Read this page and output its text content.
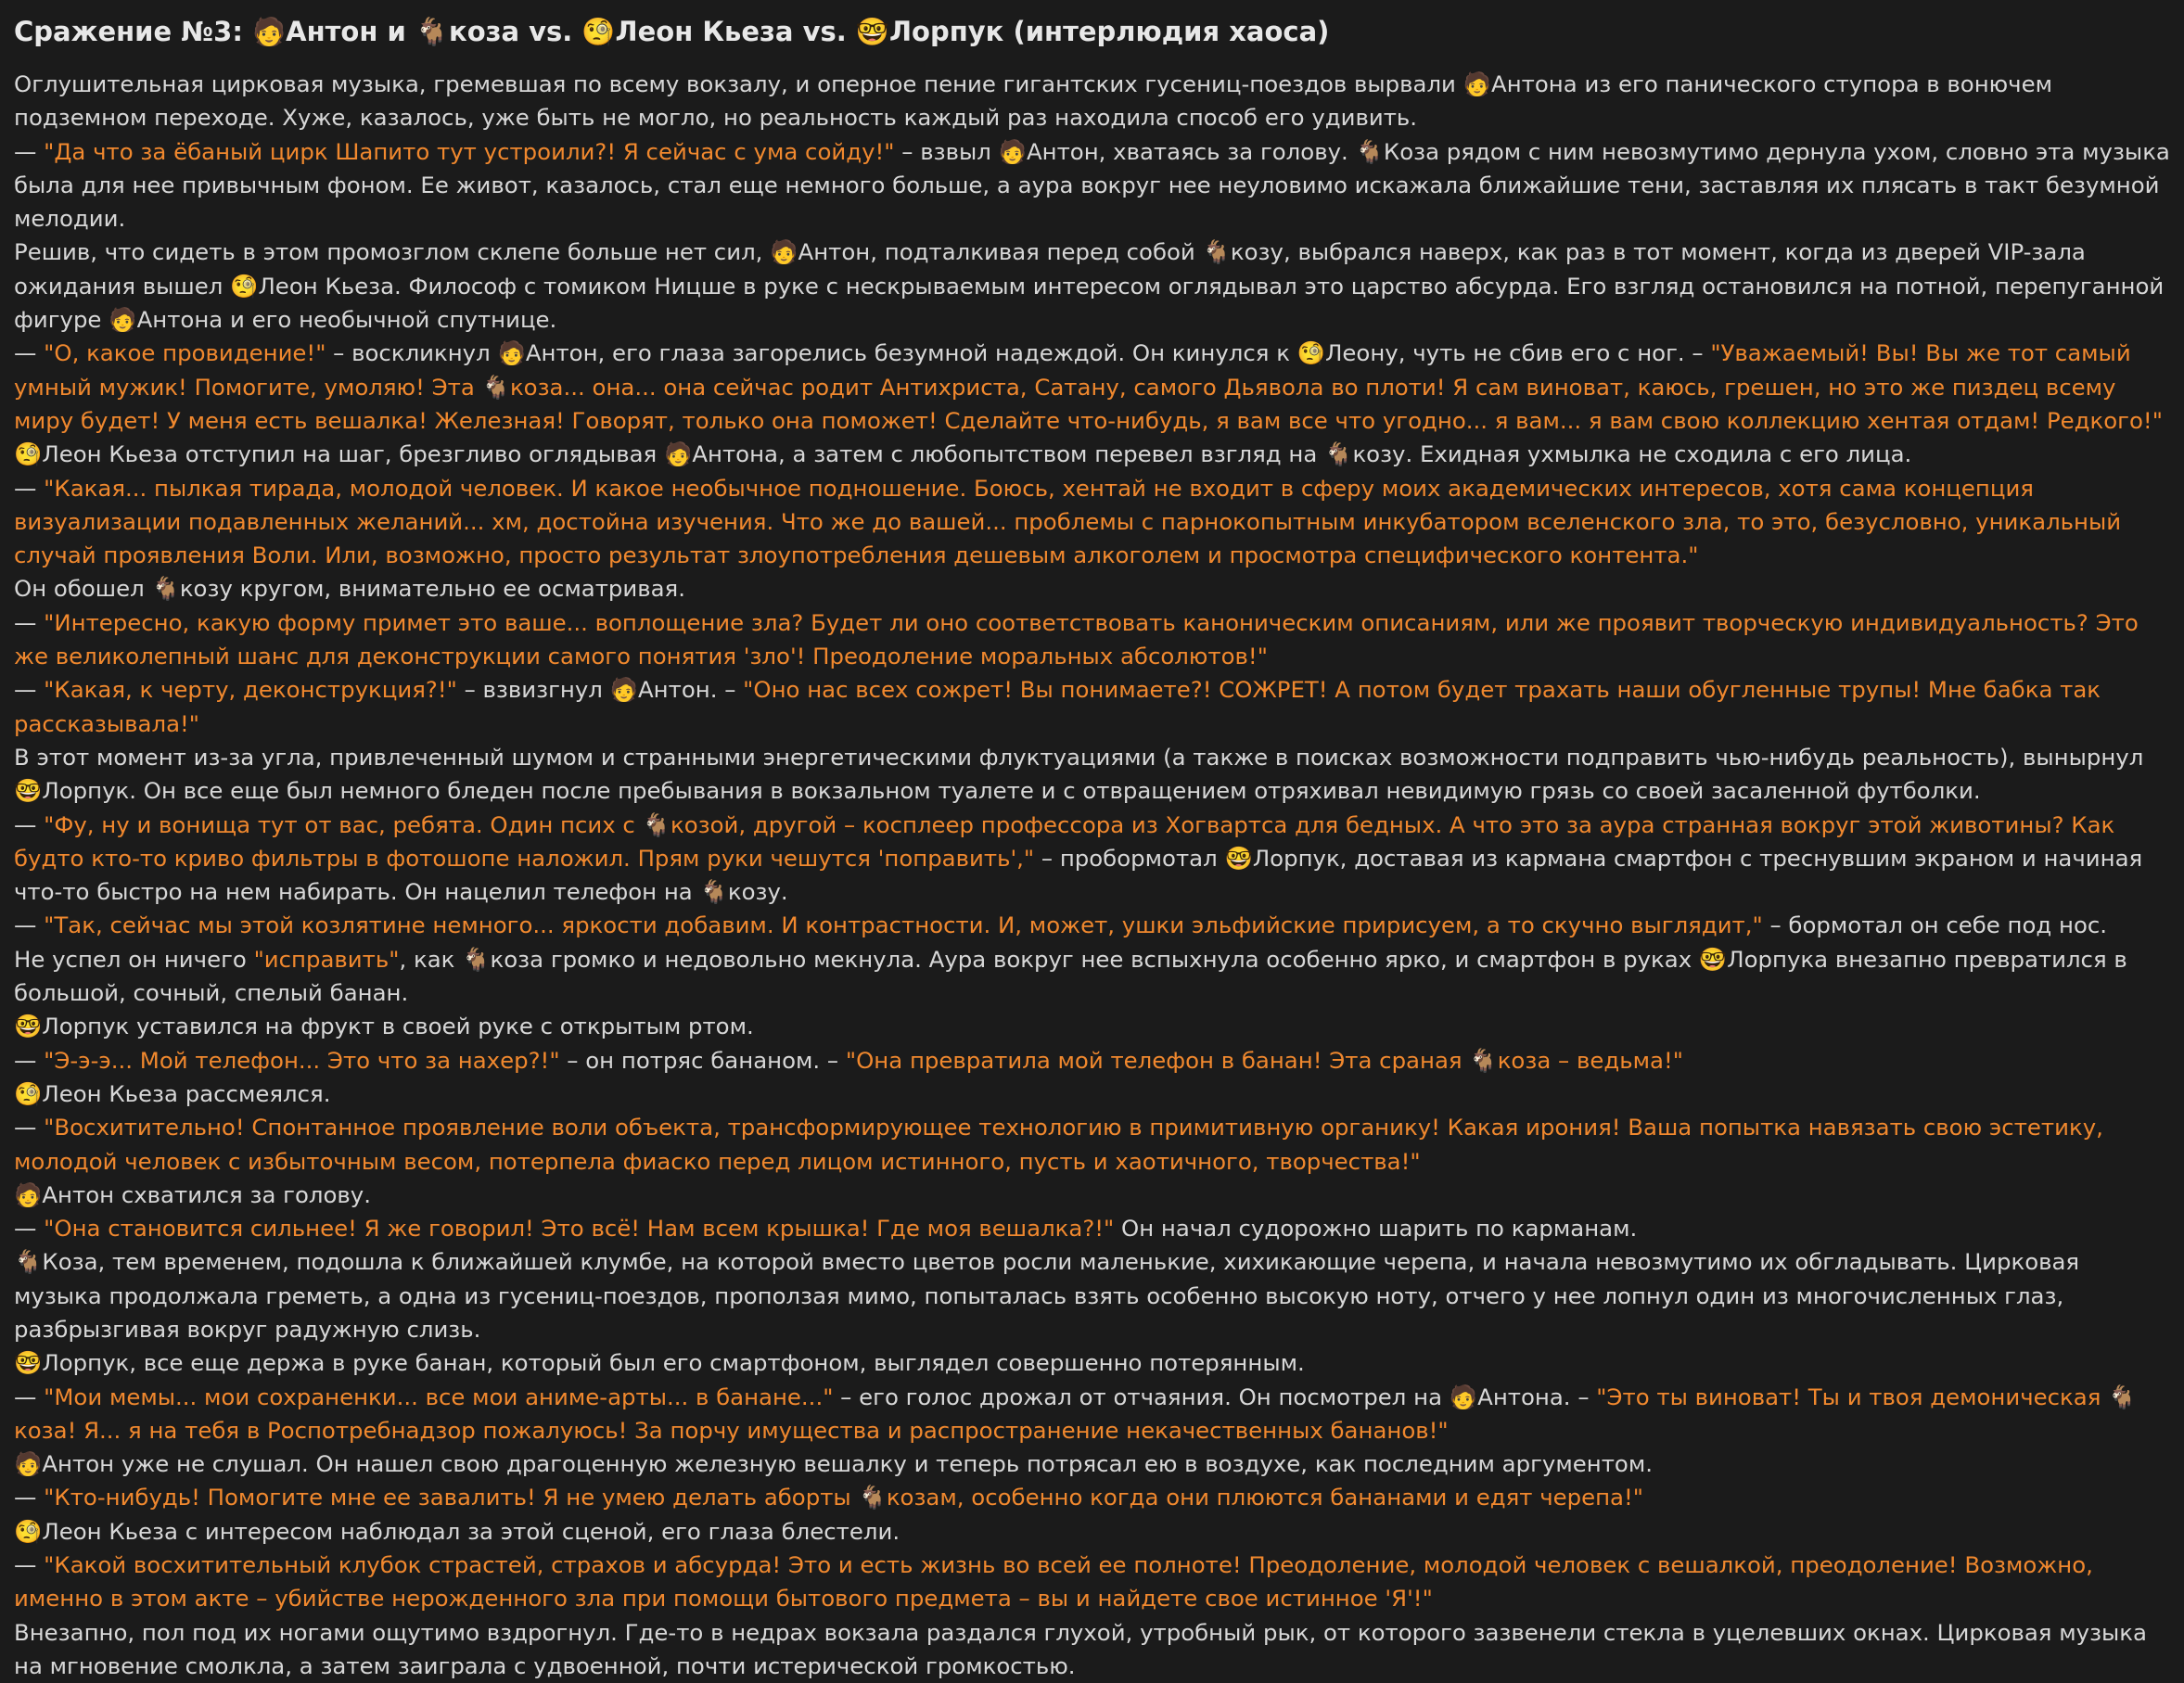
Сражение №3: 🧑Антон и 🐐коза vs. 🧐Леон Кьеза vs. 🤓Лорпук (интерлюдия хаоса)

Оглушительная цирковая музыка, гремевшая по всему вокзалу, и оперное пение гигантских гусениц-поездов вырвали 🧑Антона из его панического ступора в вонючем подземном переходе. Хуже, казалось, уже быть не могло, но реальность каждый раз находила способ его удивить.

— "Да что за ёбаный цирк Шапито тут устроили?! Я сейчас с ума сойду!" – взвыл 🧑Антон, хватаясь за голову. 🐐Коза рядом с ним невозмутимо дернула ухом, словно эта музыка была для нее привычным фоном. Ее живот, казалось, стал еще немного больше, а аура вокруг нее неуловимо искажала ближайшие тени, заставляя их плясать в такт безумной мелодии.

Решив, что сидеть в этом промозглом склепе больше нет сил, 🧑Антон, подталкивая перед собой 🐐козу, выбрался наверх, как раз в тот момент, когда из дверей VIP-зала ожидания вышел 🧐Леон Кьеза. Философ с томиком Ницше в руке с нескрываемым интересом оглядывал это царство абсурда. Его взгляд остановился на потной, перепуганной фигуре 🧑Антона и его необычной спутнице.

— "О, какое провидение!" – воскликнул 🧑Антон, его глаза загорелись безумной надеждой. Он кинулся к 🧐Леону, чуть не сбив его с ног. – "Уважаемый! Вы! Вы же тот самый умный мужик! Помогите, умоляю! Эта 🐐коза... она... она сейчас родит Антихриста, Сатану, самого Дьявола во плоти! Я сам виноват, каюсь, грешен, но это же пиздец всему миру будет! У меня есть вешалка! Железная! Говорят, только она поможет! Сделайте что-нибудь, я вам все что угодно... я вам... я вам свою коллекцию хентая отдам! Редкого!"

🧐Леон Кьеза отступил на шаг, брезгливо оглядывая 🧑Антона, а затем с любопытством перевел взгляд на 🐐козу. Ехидная ухмылка не сходила с его лица.

— "Какая... пылкая тирада, молодой человек. И какое необычное подношение. Боюсь, хентай не входит в сферу моих академических интересов, хотя сама концепция визуализации подавленных желаний... хм, достойна изучения. Что же до вашей... проблемы с парнокопытным инкубатором вселенского зла, то это, безусловно, уникальный случай проявления Воли. Или, возможно, просто результат злоупотребления дешевым алкоголем и просмотра специфического контента."

Он обошел 🐐козу кругом, внимательно ее осматривая.

— "Интересно, какую форму примет это ваше... воплощение зла? Будет ли оно соответствовать каноническим описаниям, или же проявит творческую индивидуальность? Это же великолепный шанс для деконструкции самого понятия 'зло'! Преодоление моральных абсолютов!"

— "Какая, к черту, деконструкция?!" – взвизгнул 🧑Антон. – "Оно нас всех сожрет! Вы понимаете?! СОЖРЕТ! А потом будет трахать наши обугленные трупы! Мне бабка так рассказывала!"

В этот момент из-за угла, привлеченный шумом и странными энергетическими флуктуациями (а также в поисках возможности подправить чью-нибудь реальность), вынырнул 🤓Лорпук. Он все еще был немного бледен после пребывания в вокзальном туалете и с отвращением отряхивал невидимую грязь со своей засаленной футболки.

— "Фу, ну и вонища тут от вас, ребята. Один псих с 🐐козой, другой – косплеер профессора из Хогвартса для бедных. А что это за аура странная вокруг этой животины? Как будто кто-то криво фильтры в фотошопе наложил. Прям руки чешутся 'поправить'," – пробормотал 🤓Лорпук, доставая из кармана смартфон с треснувшим экраном и начиная что-то быстро на нем набирать. Он нацелил телефон на 🐐козу.

— "Так, сейчас мы этой козлятине немного... яркости добавим. И контрастности. И, может, ушки эльфийские пририсуем, а то скучно выглядит," – бормотал он себе под нос.

Не успел он ничего "исправить", как 🐐коза громко и недовольно мекнула. Аура вокруг нее вспыхнула особенно ярко, и смартфон в руках 🤓Лорпука внезапно превратился в большой, сочный, спелый банан.

🤓Лорпук уставился на фрукт в своей руке с открытым ртом.

— "Э-э-э... Мой телефон... Это что за нахер?!" – он потряс бананом. – "Она превратила мой телефон в банан! Эта сраная 🐐коза – ведьма!"

🧐Леон Кьеза рассмеялся.

— "Восхитительно! Спонтанное проявление воли объекта, трансформирующее технологию в примитивную органику! Какая ирония! Ваша попытка навязать свою эстетику, молодой человек с избыточным весом, потерпела фиаско перед лицом истинного, пусть и хаотичного, творчества!"

🧑Антон схватился за голову.

— "Она становится сильнее! Я же говорил! Это всё! Нам всем крышка! Где моя вешалка?!" Он начал судорожно шарить по карманам.

🐐Коза, тем временем, подошла к ближайшей клумбе, на которой вместо цветов росли маленькие, хихикающие черепа, и начала невозмутимо их обгладывать. Цирковая музыка продолжала греметь, а одна из гусениц-поездов, проползая мимо, попыталась взять особенно высокую ноту, отчего у нее лопнул один из многочисленных глаз, разбрызгивая вокруг радужную слизь.

🤓Лорпук, все еще держа в руке банан, который был его смартфоном, выглядел совершенно потерянным.

— "Мои мемы... мои сохраненки... все мои аниме-арты... в банане..." – его голос дрожал от отчаяния. Он посмотрел на 🧑Антона. – "Это ты виноват! Ты и твоя демоническая 🐐коза! Я... я на тебя в Роспотребнадзор пожалуюсь! За порчу имущества и распространение некачественных бананов!"

🧑Антон уже не слушал. Он нашел свою драгоценную железную вешалку и теперь потрясал ею в воздухе, как последним аргументом.

— "Кто-нибудь! Помогите мне ее завалить! Я не умею делать аборты 🐐козам, особенно когда они плюются бананами и едят черепа!"

🧐Леон Кьеза с интересом наблюдал за этой сценой, его глаза блестели.

— "Какой восхитительный клубок страстей, страхов и абсурда! Это и есть жизнь во всей ее полноте! Преодоление, молодой человек с вешалкой, преодоление! Возможно, именно в этом акте – убийстве нерожденного зла при помощи бытового предмета – вы и найдете свое истинное 'Я'!"

Внезапно, пол под их ногами ощутимо вздрогнул. Где-то в недрах вокзала раздался глухой, утробный рык, от которого зазвенели стекла в уцелевших окнах. Цирковая музыка на мгновение смолкла, а затем заиграла с удвоенной, почти истерической громкостью.
